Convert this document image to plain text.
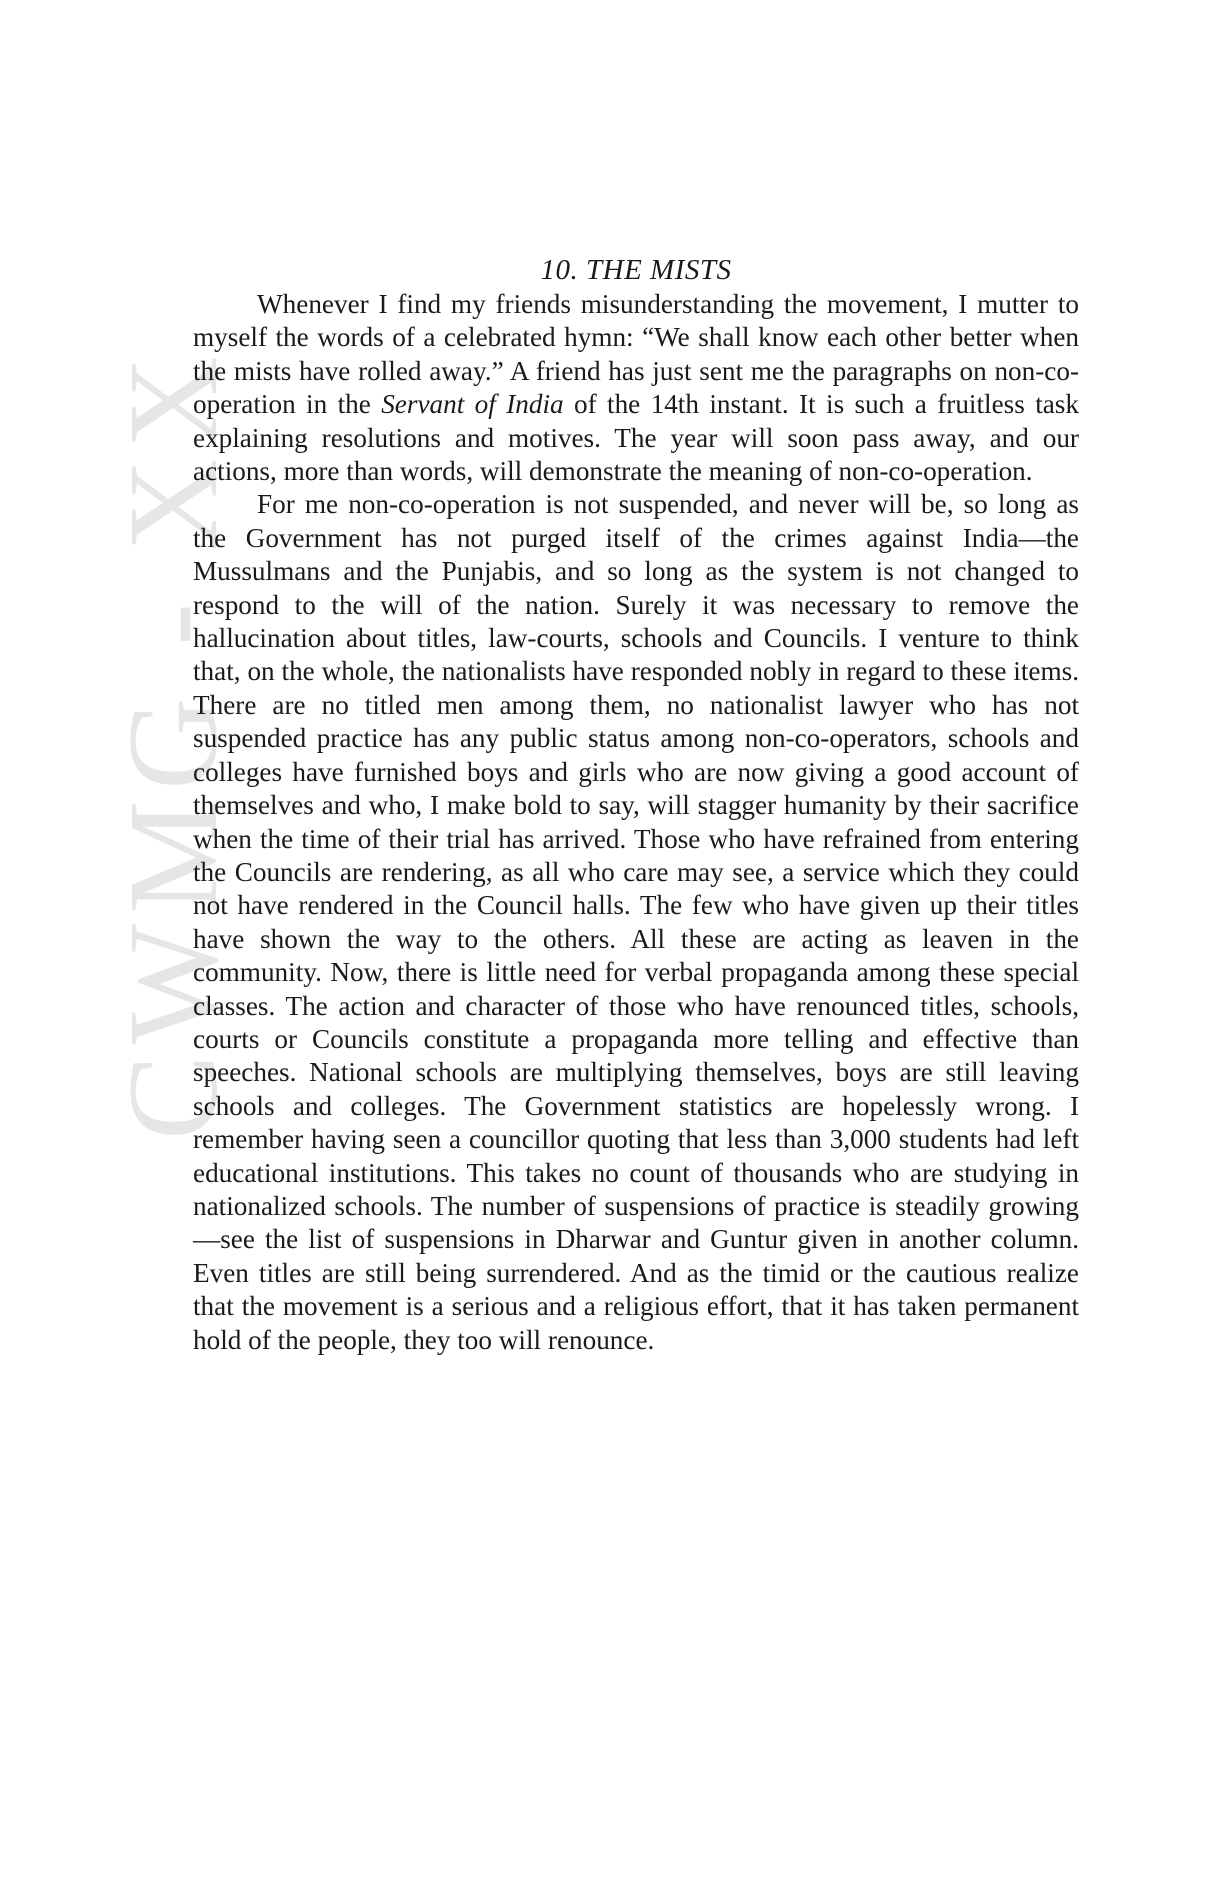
CWMG - XX
10. THE MISTS

Whenever I find my friends misunderstanding the movement, I mutter to myself the words of a celebrated hymn: “We shall know each other better when the mists have rolled away.” A friend has just sent me the paragraphs on non-co-operation in the Servant of India of the 14th instant. It is such a fruitless task explaining resolutions and motives. The year will soon pass away, and our actions, more than words, will demonstrate the meaning of non-co-operation.

For me non-co-operation is not suspended, and never will be, so long as the Government has not purged itself of the crimes against India—the Mussulmans and the Punjabis, and so long as the system is not changed to respond to the will of the nation. Surely it was necessary to remove the hallucination about titles, law-courts, schools and Councils. I venture to think that, on the whole, the nationalists have responded nobly in regard to these items. There are no titled men among them, no nationalist lawyer who has not suspended practice has any public status among non-co-operators, schools and colleges have furnished boys and girls who are now giving a good account of themselves and who, I make bold to say, will stagger humanity by their sacrifice when the time of their trial has arrived. Those who have refrained from entering the Councils are rendering, as all who care may see, a service which they could not have rendered in the Council halls. The few who have given up their titles have shown the way to the others. All these are acting as leaven in the community. Now, there is little need for verbal propaganda among these special classes. The action and character of those who have renounced titles, schools, courts or Councils constitute a propaganda more telling and effective than speeches. National schools are multiplying themselves, boys are still leaving schools and colleges. The Government statistics are hopelessly wrong. I remember having seen a councillor quoting that less than 3,000 students had left educational institutions. This takes no count of thousands who are studying in nationalized schools. The number of suspensions of practice is steadily growing—see the list of suspensions in Dharwar and Guntur given in another column. Even titles are still being surrendered. And as the timid or the cautious realize that the movement is a serious and a religious effort, that it has taken permanent hold of the people, they too will renounce.
